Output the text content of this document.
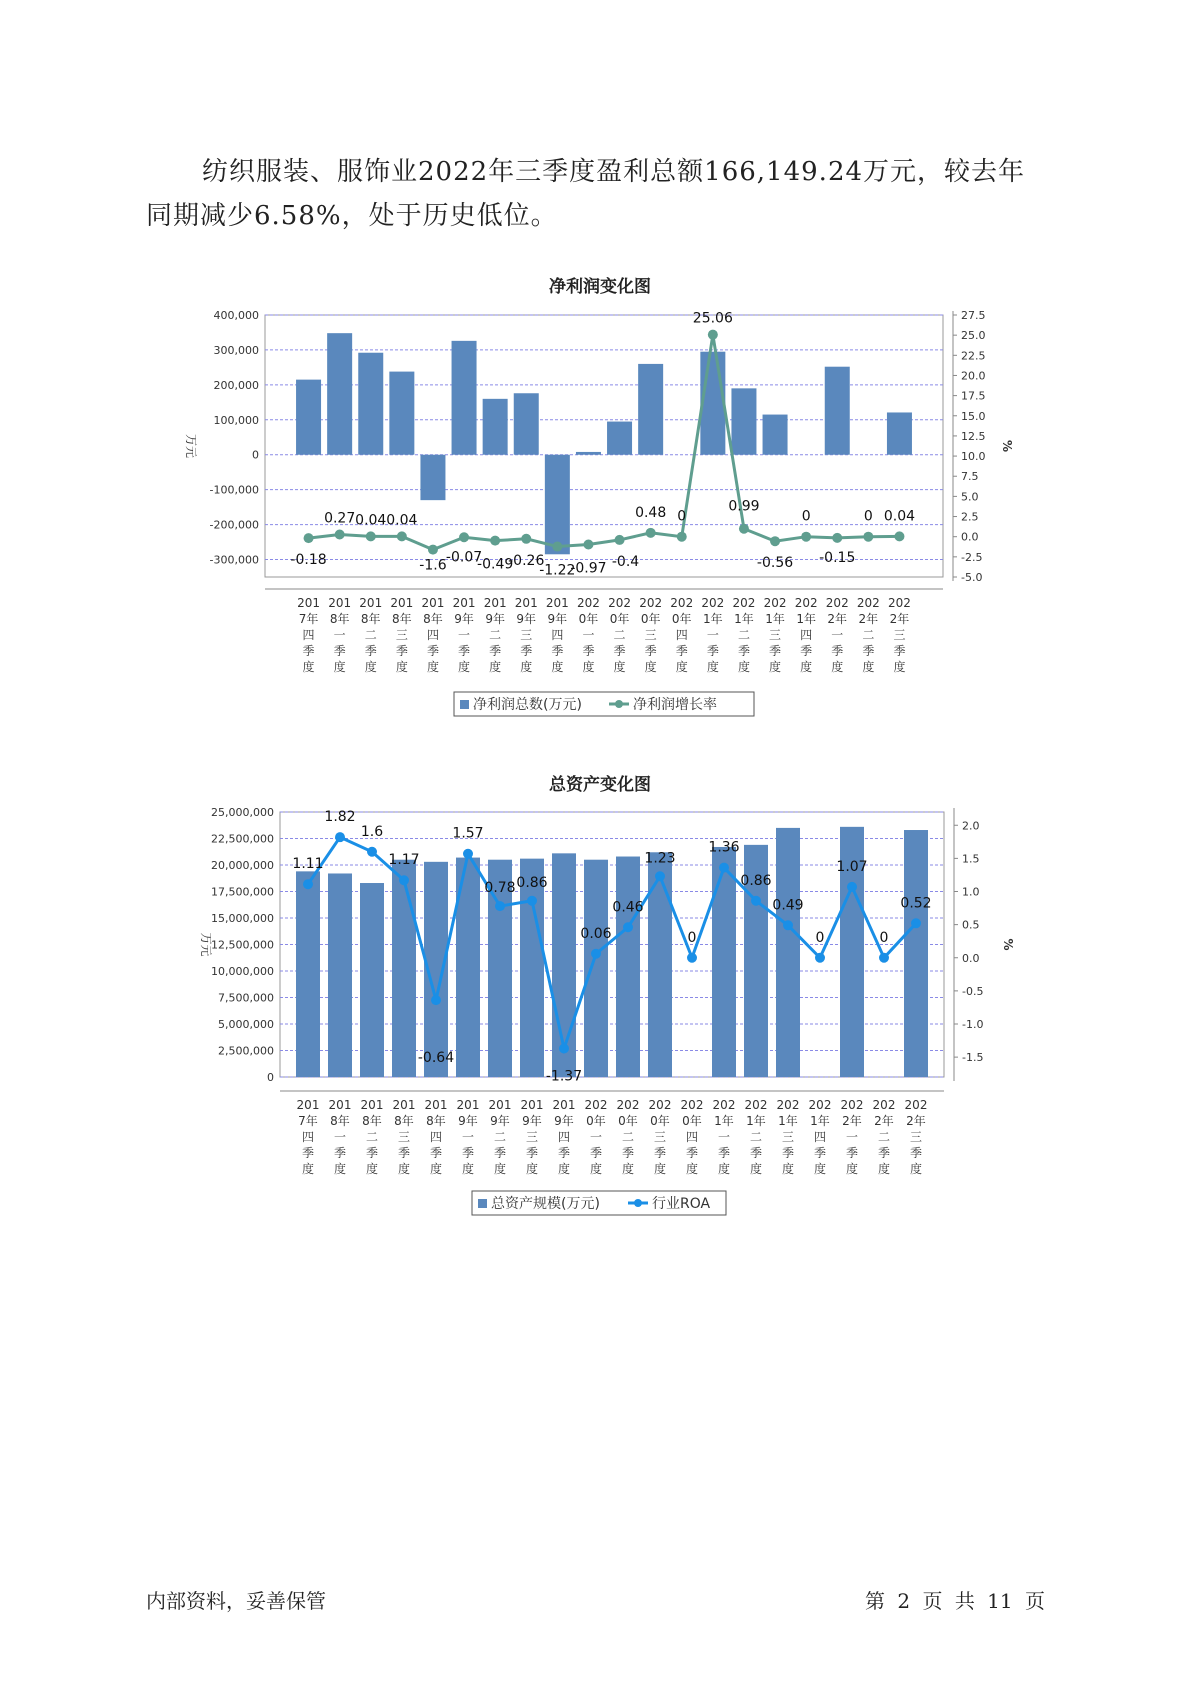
纺织服装、服饰业2022年三季度盈利总额166,149.24万元，较去年同期减少6.58%，处于历史低位。

净利润变化图
400,000
300,000
200,000
100,000
0
-100,000
-200,000
-300,000
万元
27.5
25.0
22.5
20.0
17.5
15.0
12.5
10.0
7.5
5.0
2.5
0.0
-2.5
-5.0
%
-0.18
0.27 0.04 0.04
-1.6
-0.07
-0.49
-0.26
-1.22
-0.97 -0.4
0.48 0
25.06
0.99
-0.56
0
-0.15
0 0.04
201
7年
四
季
度
201
8年
一
季
度
201
8年
二
季
度
201
8年
三
季
度
201
8年
四
季
度
201
9年
一
季
度
201
9年
二
季
度
201
9年
三
季
度
201
9年
四
季
度
202
0年
一
季
度
202
0年
二
季
度
202
0年
三
季
度
202
0年
四
季
度
202
1年
一
季
度
202
1年
二
季
度
202
1年
三
季
度
202
1年
四
季
度
202
2年
一
季
度
202
2年
二
季
度
202
2年
三
季
度
净利润总数(万元)	净利润增长率
总资产变化图
25,000,000
22,500,000
20,000,000
17,500,000
15,000,000
12,500,000
10,000,000
7,500,000
5,000,000
2,500,000
0
万元
2.0
1.5
1.0
0.5
0.0
-0.5
-1.0
-1.5
%
1.11
1.82
1.6
1.17
-0.64
1.57
0.78 0.86
-1.37
0.06
0.46
1.23
0
1.36
0.86
0.49
0
1.07
0
0.52
201
7年
四
季
度
201
8年
一
季
度
201
8年
二
季
度
201
8年
三
季
度
201
8年
四
季
度
201
9年
一
季
度
201
9年
二
季
度
201
9年
三
季
度
201
9年
四
季
度
202
0年
一
季
度
202
0年
二
季
度
202
0年
三
季
度
202
0年
四
季
度
202
1年
一
季
度
202
1年
二
季
度
202
1年
三
季
度
202
1年
四
季
度
202
2年
一
季
度
202
2年
二
季
度
202
2年
三
季
度
总资产规模(万元)	行业ROA
内部资料，妥善保管	第 2 页 共 11 页
